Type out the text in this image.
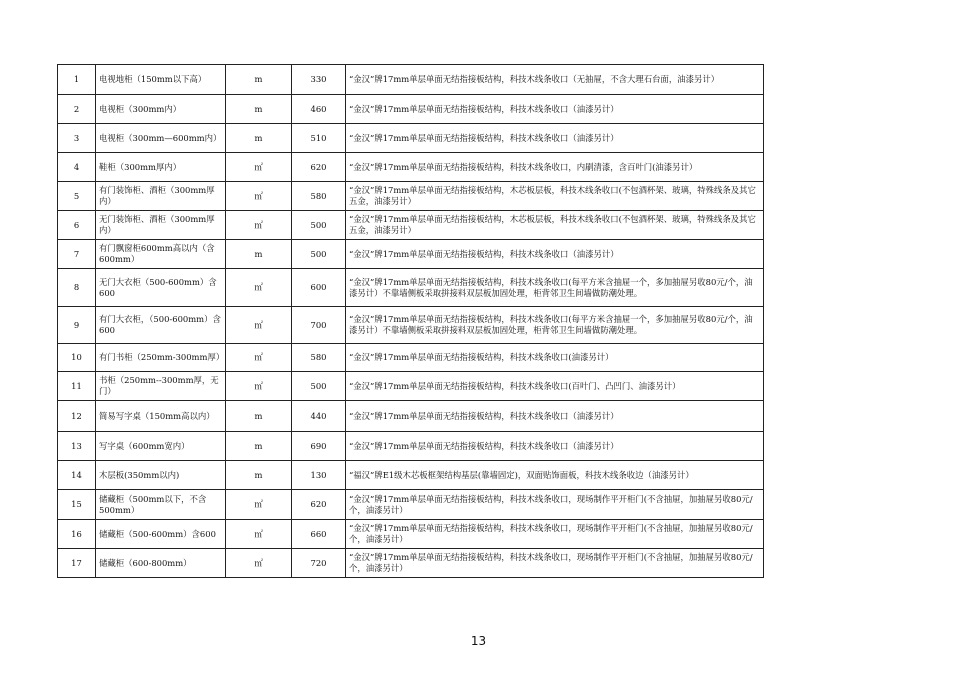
1	电视地柜（150mm以下高）	m	330	“金汉”牌17mm单层单面无结指接板结构，科技木线条收口（无抽屉，不含大理石台面，油漆另计）
2	电视柜（300mm内）	m	460	“金汉”牌17mm单层单面无结指接板结构，科技木线条收口（油漆另计）
3	电视柜（300mm—600mm内）	m	510	“金汉”牌17mm单层单面无结指接板结构，科技木线条收口（油漆另计）
4	鞋柜（300mm厚内）	㎡	620	“金汉”牌17mm单层单面无结指接板结构，科技木线条收口，内刷清漆，含百叶门(油漆另计）
5	有门装饰柜、酒柜（300mm厚内）	㎡	580	“金汉”牌17mm单层单面无结指接板结构，木芯板层板，科技木线条收口(不包酒杯架、玻璃，特殊线条及其它五金，油漆另计）
6	无门装饰柜、酒柜（300mm厚内）	㎡	500	“金汉”牌17mm单层单面无结指接板结构，木芯板层板，科技木线条收口(不包酒杯架、玻璃，特殊线条及其它五金，油漆另计）
7	有门飘窗柜600mm高以内（含600mm）	m	500	“金汉”牌17mm单层单面无结指接板结构，科技木线条收口（油漆另计）
8	无门大衣柜（500-600mm）含600	㎡	600	“金汉”牌17mm单层单面无结指接板结构，科技木线条收口(每平方米含抽屉一个，多加抽屉另收80元/个，油漆另计）不靠墙侧板采取拼接料双层板加固处理，柜背邻卫生间墙做防潮处理。
9	有门大衣柜，（500-600mm）含600	㎡	700	“金汉”牌17mm单层单面无结指接板结构，科技木线条收口(每平方米含抽屉一个，多加抽屉另收80元/个，油漆另计）不靠墙侧板采取拼接料双层板加固处理，柜背邻卫生间墙做防潮处理。
10	有门书柜（250mm-300mm厚）	㎡	580	“金汉”牌17mm单层单面无结指接板结构，科技木线条收口(油漆另计）
11	书柜（250mm--300mm厚，无门）	㎡	500	“金汉”牌17mm单层单面无结指接板结构，科技木线条收口(百叶门、凸凹门、油漆另计）
12	简易写字桌（150mm高以内）	m	440	“金汉”牌17mm单层单面无结指接板结构，科技木线条收口（油漆另计）
13	写字桌（600mm宽内）	m	690	“金汉”牌17mm单层单面无结指接板结构，科技木线条收口（油漆另计）
14	木层板(350mm以内)	m	130	“福汉”牌E1级木芯板框架结构基层(靠墙固定)，双面贴饰面板，科技木线条收边（油漆另计）
15	储藏柜（500mm以下，不含500mm）	㎡	620	“金汉”牌17mm单层单面无结指接板结构，科技木线条收口，现场制作平开柜门(不含抽屉，加抽屉另收80元/个，油漆另计）
16	储藏柜（500-600mm）含600	㎡	660	“金汉”牌17mm单层单面无结指接板结构，科技木线条收口，现场制作平开柜门(不含抽屉，加抽屉另收80元/个，油漆另计）
17	储藏柜（600-800mm）	㎡	720	“金汉”牌17mm单层单面无结指接板结构，科技木线条收口，现场制作平开柜门(不含抽屉，加抽屉另收80元/个，油漆另计）
13
